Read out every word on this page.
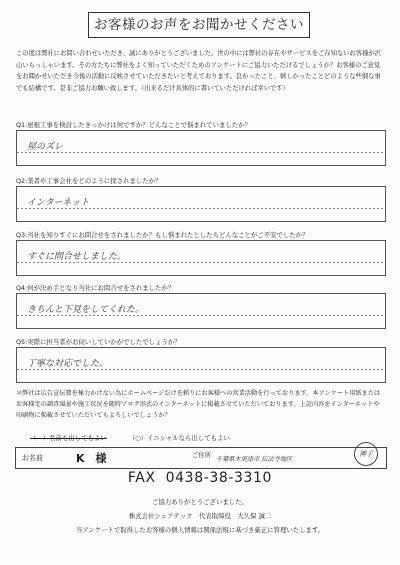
お客様のお声をお聞かせください
この度は弊社にお問い合わせいただき、誠にありがとうございました。世の中には弊社の存在やサービスをご存知ないお客様が沢山いらっしゃいます。その方たちに弊社をよく知っていただくためのアンケートにご協力いただけるでしょうか？お客様のご意見をお聞かせいただき今後の活動に反映させていただきたいと考えております。良かったこと、嬉しかったことどのような些細な事でも結構です。是非ご協力お願い致します。（出来るだけ具体的に書いていただければ幸いです）
Q1:屋根工事を検討したきっかけは何ですか？どんなことで悩まれていましたか？
屋のズレ
Q2:業者や工事会社をどのように探されましたか？
インターネット
Q3:当社を知りすぐにお問合せをされましたか？もし悩まれたとしたらどんなことがご不安でしたか？
すぐに問合せしました。
Q4:何が決め手となり当社にお問合せをされましたか？
きちんと下見をしてくれた。
Q5:実際に担当者がお伺いしていかがでしたでしょうか？
丁寧な対応でした。
＊弊社は広告宣伝費を極力かけない為にホームページだけを頼りにお客様への営業活動を行っております。本アンケート用紙またはお客様宅の調査風景や施工状況を随時ブログ形式のインターネットに掲載させていただいております。上記内容をインターネットや印刷物に掲載させていただいてもよろしいでしょうか？
（　）名前も出してもよい	（○）イニシャルなら出してもよい
お名前	K　様	ご住所
千葉県木更津市 伝法寺地区
神子
FAX 0438-38-3310
ご協力ありがとうございました。
株式会社シェアテック　代表取締役　大久保 誠二
当アンケートで取得したお客様の個人情報は関係法規に基づき厳正に管理いたします。
